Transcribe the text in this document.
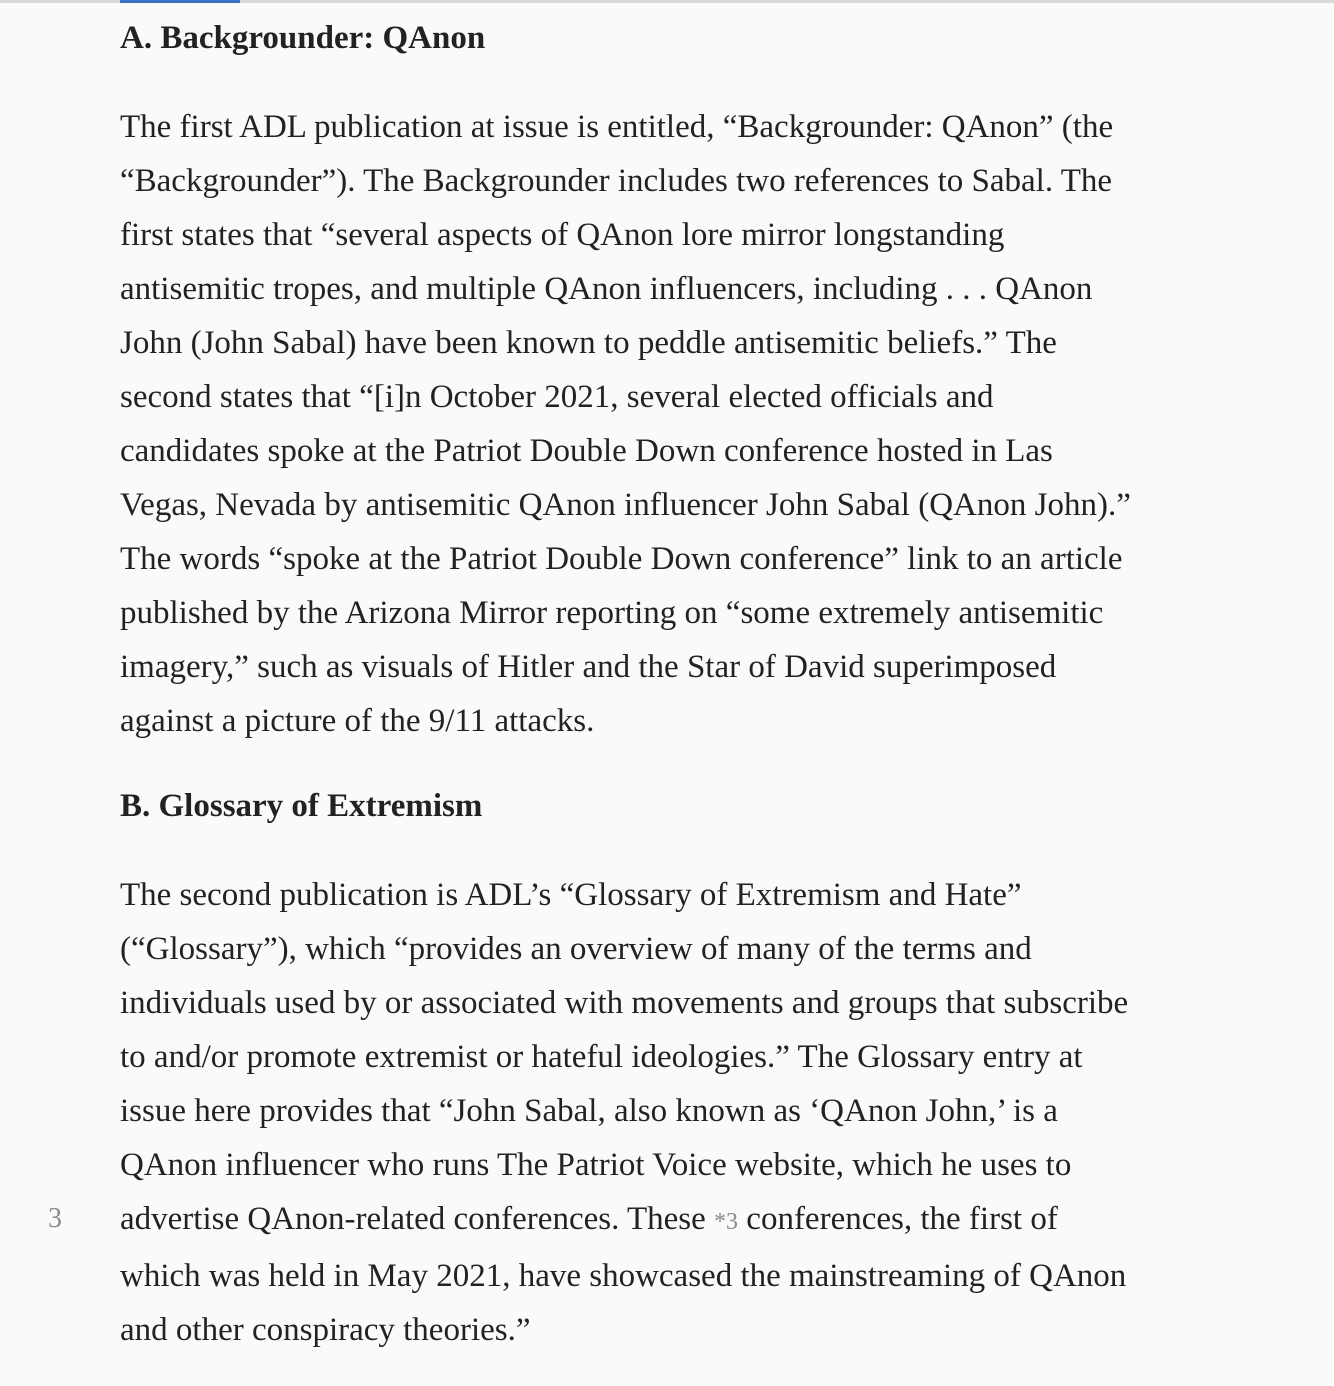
3
A. Backgrounder: QAnon

The first ADL publication at issue is entitled, “Backgrounder: QAnon” (the
“Backgrounder”). The Backgrounder includes two references to Sabal. The
first states that “several aspects of QAnon lore mirror longstanding
antisemitic tropes, and multiple QAnon influencers, including . . . QAnon
John (John Sabal) have been known to peddle antisemitic beliefs.” The
second states that “[i]n October 2021, several elected officials and
candidates spoke at the Patriot Double Down conference hosted in Las
Vegas, Nevada by antisemitic QAnon influencer John Sabal (QAnon John).”
The words “spoke at the Patriot Double Down conference” link to an article
published by the Arizona Mirror reporting on “some extremely antisemitic
imagery,” such as visuals of Hitler and the Star of David superimposed
against a picture of the 9/11 attacks.

B. Glossary of Extremism

The second publication is ADL’s “Glossary of Extremism and Hate”
(“Glossary”), which “provides an overview of many of the terms and
individuals used by or associated with movements and groups that subscribe
to and/or promote extremist or hateful ideologies.” The Glossary entry at
issue here provides that “John Sabal, also known as ‘QAnon John,’ is a
QAnon influencer who runs The Patriot Voice website, which he uses to
advertise QAnon-related conferences. These *3 conferences, the first of
which was held in May 2021, have showcased the mainstreaming of QAnon
and other conspiracy theories.”
